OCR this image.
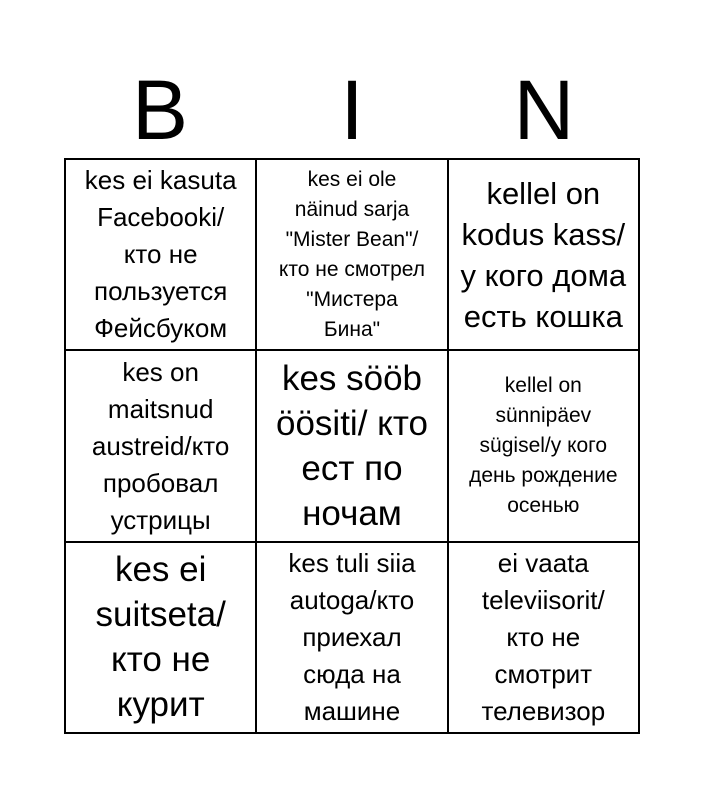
B	I	N
kes ei kasuta
Facebooki/
кто не
пользуется
Фейсбуком
kes ei ole
näinud sarja
"Mister Bean"/
кто не смотрел
"Мистера
Бина"
kellel on
kodus kass/
у кого дома
есть кошка
kes on
maitsnud
austreid/кто
пробовал
устрицы
kes sööb
öösiti/ кто
ест по
ночам
kellel on
sünnipäev
sügisel/у кого
день рождение
осенью
kes ei
suitseta/
кто не
курит
kes tuli siia
autoga/кто
приехал
сюда на
машине
ei vaata
televiisorit/
кто не
смотрит
телевизор
